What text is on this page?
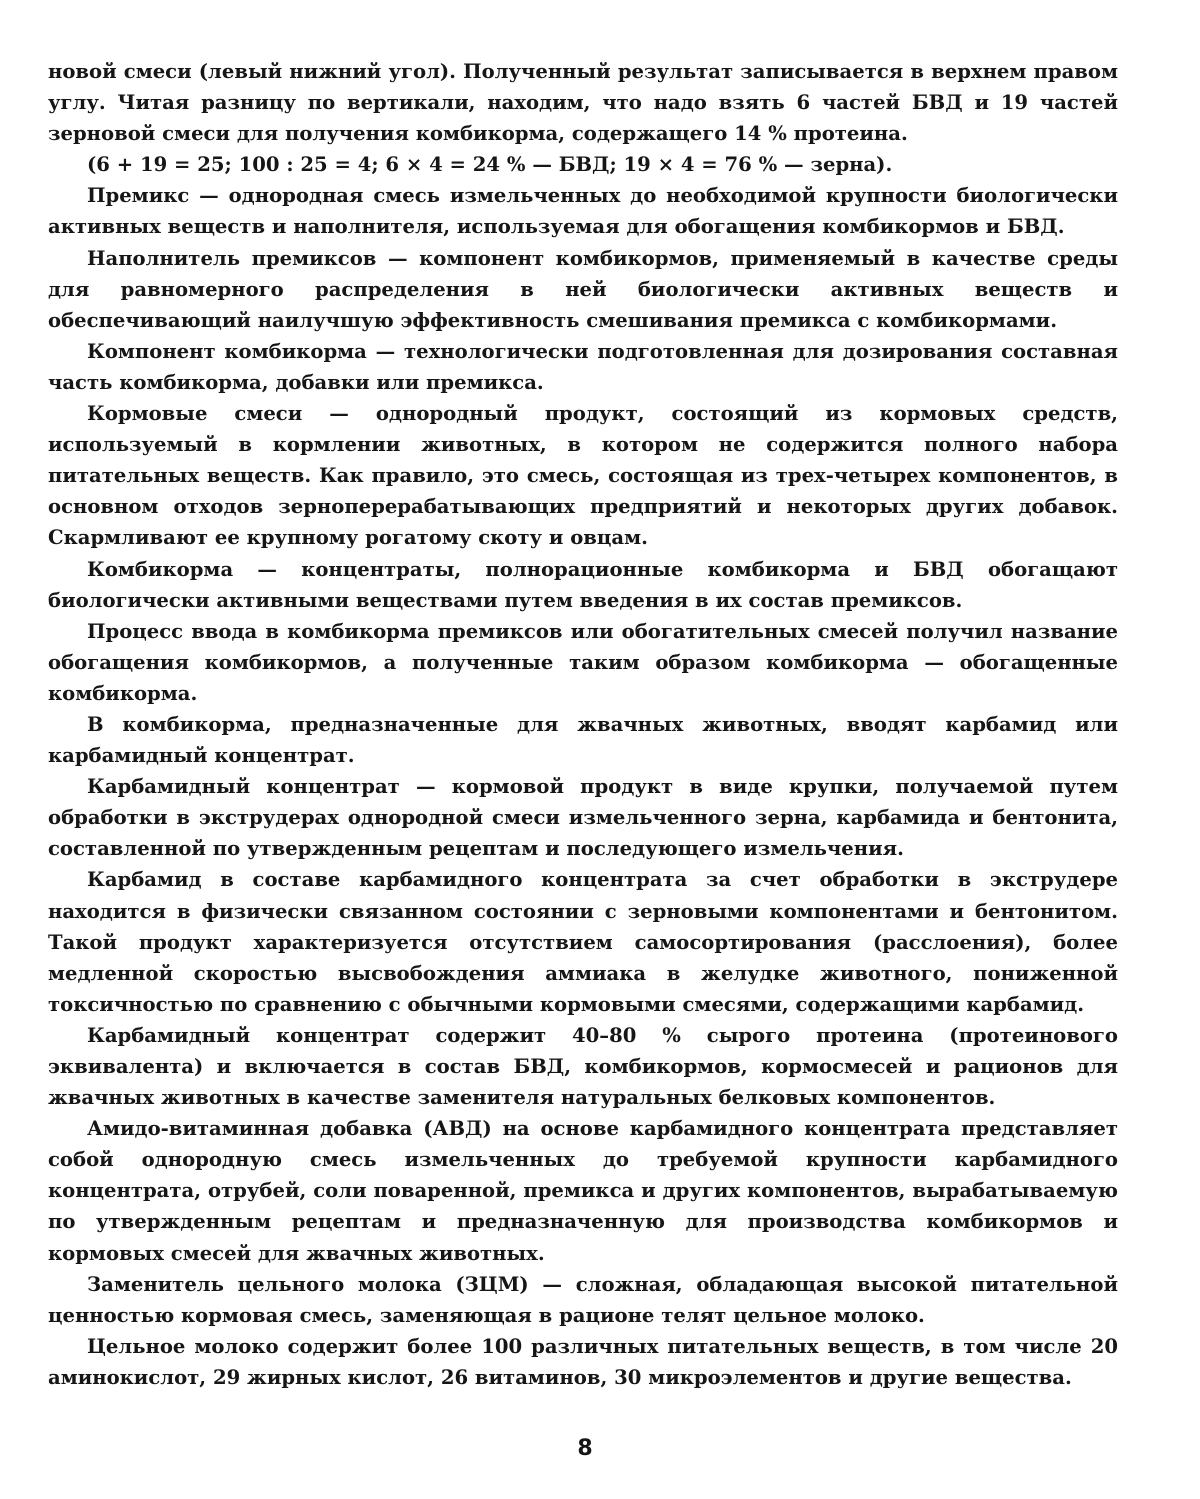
новой смеси (левый нижний угол). Полученный результат записывается в верхнем правом углу. Читая разницу по вертикали, находим, что надо взять 6 частей БВД и 19 частей зерновой смеси для получения комбикорма, содержащего 14 % протеина.

(6 + 19 = 25; 100 : 25 = 4; 6 × 4 = 24 % — БВД; 19 × 4 = 76 % — зерна).

Премикс — однородная смесь измельченных до необходимой крупности биологически активных веществ и наполнителя, используемая для обогащения комбикормов и БВД.

Наполнитель премиксов — компонент комбикормов, применяемый в качестве среды для равномерного распределения в ней биологически активных веществ и обеспечивающий наилучшую эффективность смешивания премикса с комбикормами.

Компонент комбикорма — технологически подготовленная для дозирования составная часть комбикорма, добавки или премикса.

Кормовые смеси — однородный продукт, состоящий из кормовых средств, используемый в кормлении животных, в котором не содержится полного набора питательных веществ. Как правило, это смесь, состоящая из трех-четырех компонентов, в основном отходов зерноперерабатывающих предприятий и некоторых других добавок. Скармливают ее крупному рогатому скоту и овцам.

Комбикорма — концентраты, полнорационные комбикорма и БВД обогащают биологически активными веществами путем введения в их состав премиксов.

Процесс ввода в комбикорма премиксов или обогатительных смесей получил название обогащения комбикормов, а полученные таким образом комбикорма — обогащенные комбикорма.

В комбикорма, предназначенные для жвачных животных, вводят карбамид или карбамидный концентрат.

Карбамидный концентрат — кормовой продукт в виде крупки, получаемой путем обработки в экструдерах однородной смеси измельченного зерна, карбамида и бентонита, составленной по утвержденным рецептам и последующего измельчения.

Карбамид в составе карбамидного концентрата за счет обработки в экструдере находится в физически связанном состоянии с зерновыми компонентами и бентонитом. Такой продукт характеризуется отсутствием самосортирования (расслоения), более медленной скоростью высвобождения аммиака в желудке животного, пониженной токсичностью по сравнению с обычными кормовыми смесями, содержащими карбамид.

Карбамидный концентрат содержит 40–80 % сырого протеина (протеинового эквивалента) и включается в состав БВД, комбикормов, кормосмесей и рационов для жвачных животных в качестве заменителя натуральных белковых компонентов.

Амидо-витаминная добавка (АВД) на основе карбамидного концентрата представляет собой однородную смесь измельченных до требуемой крупности карбамидного концентрата, отрубей, соли поваренной, премикса и других компонентов, вырабатываемую по утвержденным рецептам и предназначенную для производства комбикормов и кормовых смесей для жвачных животных.

Заменитель цельного молока (ЗЦМ) — сложная, обладающая высокой питательной ценностью кормовая смесь, заменяющая в рационе телят цельное молоко.

Цельное молоко содержит более 100 различных питательных веществ, в том числе 20 аминокислот, 29 жирных кислот, 26 витаминов, 30 микроэлементов и другие вещества.

8
